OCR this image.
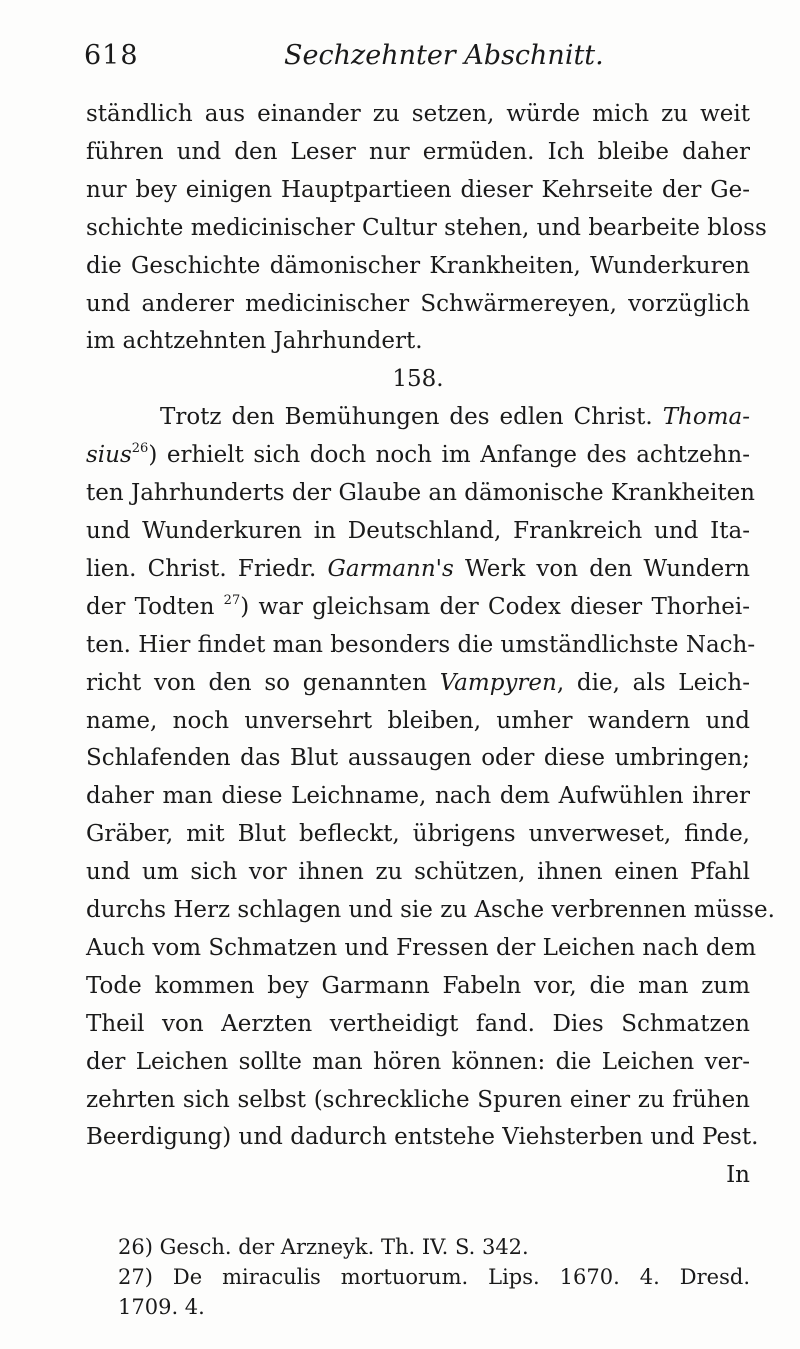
618	Sechzehnter Abschnitt.
ständlich aus einander zu setzen, würde mich zu weit
führen und den Leser nur ermüden. Ich bleibe daher
nur bey einigen Hauptpartieen dieser Kehrseite der Ge-
schichte medicinischer Cultur stehen, und bearbeite bloss
die Geschichte dämonischer Krankheiten, Wunderkuren
und anderer medicinischer Schwärmereyen, vorzüglich
im achtzehnten Jahrhundert.
158.
Trotz den Bemühungen des edlen Christ. Thoma-
sius$^{26}$) erhielt sich doch noch im Anfange des achtzehn-
ten Jahrhunderts der Glaube an dämonische Krankheiten
und Wunderkuren in Deutschland, Frankreich und Ita-
lien. Christ. Friedr. Garmann's Werk von den Wundern
der Todten $^{27}$) war gleichsam der Codex dieser Thorhei-
ten. Hier findet man besonders die umständlichste Nach-
richt von den so genannten Vampyren, die, als Leich-
name, noch unversehrt bleiben, umher wandern und
Schlafenden das Blut aussaugen oder diese umbringen;
daher man diese Leichname, nach dem Aufwühlen ihrer
Gräber, mit Blut befleckt, übrigens unverweset, finde,
und um sich vor ihnen zu schützen, ihnen einen Pfahl
durchs Herz schlagen und sie zu Asche verbrennen müsse.
Auch vom Schmatzen und Fressen der Leichen nach dem
Tode kommen bey Garmann Fabeln vor, die man zum
Theil von Aerzten vertheidigt fand. Dies Schmatzen
der Leichen sollte man hören können: die Leichen ver-
zehrten sich selbst (schreckliche Spuren einer zu frühen
Beerdigung) und dadurch entstehe Viehsterben und Pest.
In
26) Gesch. der Arzneyk. Th. IV. S. 342.
27) De miraculis mortuorum. Lips. 1670. 4. Dresd.
1709. 4.
